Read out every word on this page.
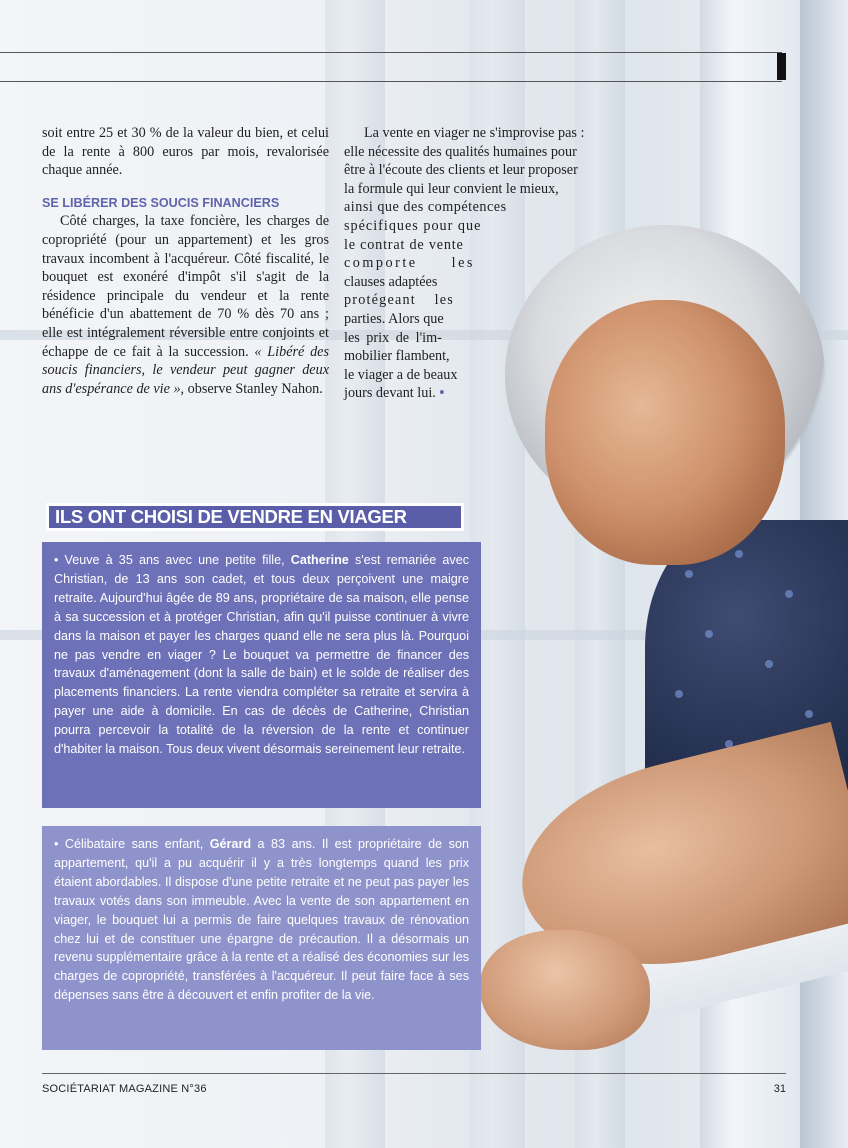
soit entre 25 et 30 % de la valeur du bien, et celui de la rente à 800 euros par mois, revalorisée chaque année.

SE LIBÉRER DES SOUCIS FINANCIERS

Côté charges, la taxe foncière, les charges de copropriété (pour un appartement) et les gros travaux incombent à l'acquéreur. Côté fiscalité, le bouquet est exonéré d'impôt s'il s'agit de la résidence principale du vendeur et la rente bénéficie d'un abattement de 70 % dès 70 ans ; elle est intégralement réversible entre conjoints et échappe de ce fait à la succession. « Libéré des soucis financiers, le vendeur peut gagner deux ans d'espérance de vie », observe Stanley Nahon.

La vente en viager ne s'improvise pas :
elle nécessite des qualités humaines pour
être à l'écoute des clients et leur proposer
la formule qui leur convient le mieux,
ainsi que des compétences
spécifiques pour que
le contrat de vente
comporte les
clauses adaptées
protégeant les
parties. Alors que
les prix de l'im-
mobilier flambent,
le viager a de beaux
jours devant lui. •
ILS ONT CHOISI DE VENDRE EN VIAGER
• Veuve à 35 ans avec une petite fille, Catherine s'est remariée avec Christian, de 13 ans son cadet, et tous deux perçoivent une maigre retraite. Aujourd'hui âgée de 89 ans, propriétaire de sa maison, elle pense à sa succession et à protéger Christian, afin qu'il puisse continuer à vivre dans la maison et payer les charges quand elle ne sera plus là. Pourquoi ne pas vendre en viager ? Le bouquet va permettre de financer des travaux d'aménagement (dont la salle de bain) et le solde de réaliser des placements financiers. La rente viendra compléter sa retraite et servira à payer une aide à domicile. En cas de décès de Catherine, Christian pourra percevoir la totalité de la réversion de la rente et continuer d'habiter la maison. Tous deux vivent désormais sereinement leur retraite.
• Célibataire sans enfant, Gérard a 83 ans. Il est propriétaire de son appartement, qu'il a pu acquérir il y a très longtemps quand les prix étaient abordables. Il dispose d'une petite retraite et ne peut pas payer les travaux votés dans son immeuble. Avec la vente de son appartement en viager, le bouquet lui a permis de faire quelques travaux de rénovation chez lui et de constituer une épargne de précaution. Il a désormais un revenu supplémentaire grâce à la rente et a réalisé des économies sur les charges de copropriété, transférées à l'acquéreur. Il peut faire face à ses dépenses sans être à découvert et enfin profiter de la vie.
SOCIÉTARIAT MAGAZINE N°36	31
